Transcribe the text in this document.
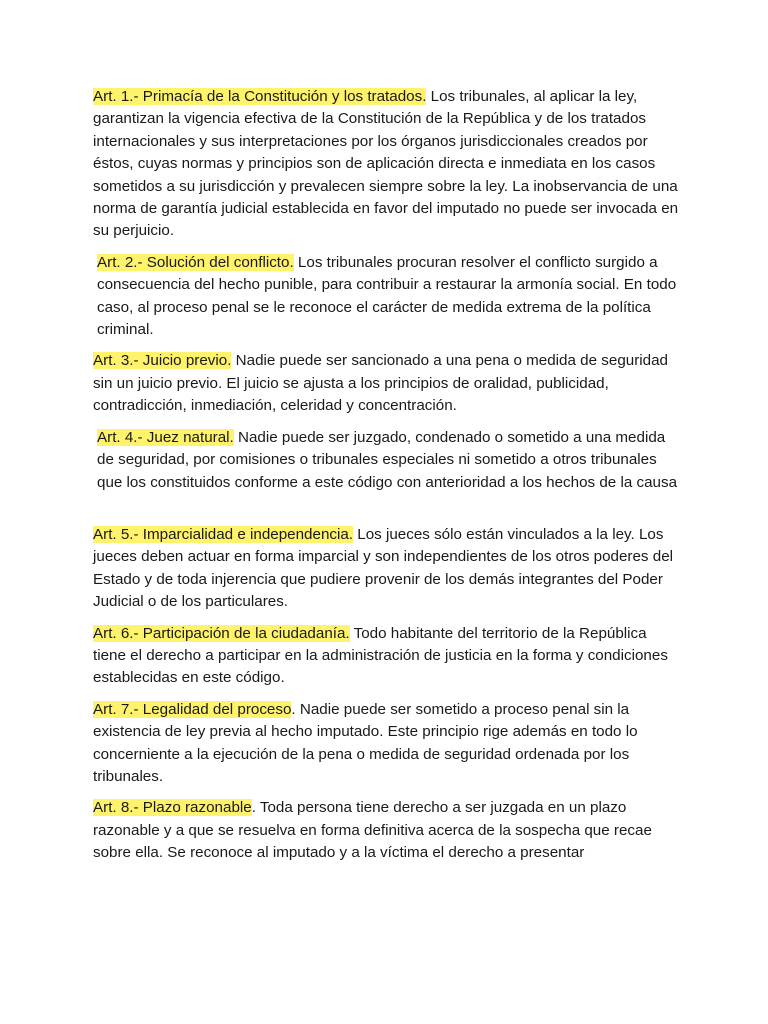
Art. 1.- Primacía de la Constitución y los tratados. Los tribunales, al aplicar la ley, garantizan la vigencia efectiva de la Constitución de la República y de los tratados internacionales y sus interpretaciones por los órganos jurisdiccionales creados por éstos, cuyas normas y principios son de aplicación directa e inmediata en los casos sometidos a su jurisdicción y prevalecen siempre sobre la ley. La inobservancia de una norma de garantía judicial establecida en favor del imputado no puede ser invocada en su perjuicio.

Art. 2.- Solución del conflicto. Los tribunales procuran resolver el conflicto surgido a consecuencia del hecho punible, para contribuir a restaurar la armonía social. En todo caso, al proceso penal se le reconoce el carácter de medida extrema de la política criminal.

Art. 3.- Juicio previo. Nadie puede ser sancionado a una pena o medida de seguridad sin un juicio previo. El juicio se ajusta a los principios de oralidad, publicidad, contradicción, inmediación, celeridad y concentración.

Art. 4.- Juez natural. Nadie puede ser juzgado, condenado o sometido a una medida de seguridad, por comisiones o tribunales especiales ni sometido a otros tribunales que los constituidos conforme a este código con anterioridad a los hechos de la causa

Art. 5.- Imparcialidad e independencia. Los jueces sólo están vinculados a la ley. Los jueces deben actuar en forma imparcial y son independientes de los otros poderes del Estado y de toda injerencia que pudiere provenir de los demás integrantes del Poder Judicial o de los particulares.

Art. 6.- Participación de la ciudadanía. Todo habitante del territorio de la República tiene el derecho a participar en la administración de justicia en la forma y condiciones establecidas en este código.

Art. 7.- Legalidad del proceso. Nadie puede ser sometido a proceso penal sin la existencia de ley previa al hecho imputado. Este principio rige además en todo lo concerniente a la ejecución de la pena o medida de seguridad ordenada por los tribunales.

Art. 8.- Plazo razonable. Toda persona tiene derecho a ser juzgada en un plazo razonable y a que se resuelva en forma definitiva acerca de la sospecha que recae sobre ella. Se reconoce al imputado y a la víctima el derecho a presentar
